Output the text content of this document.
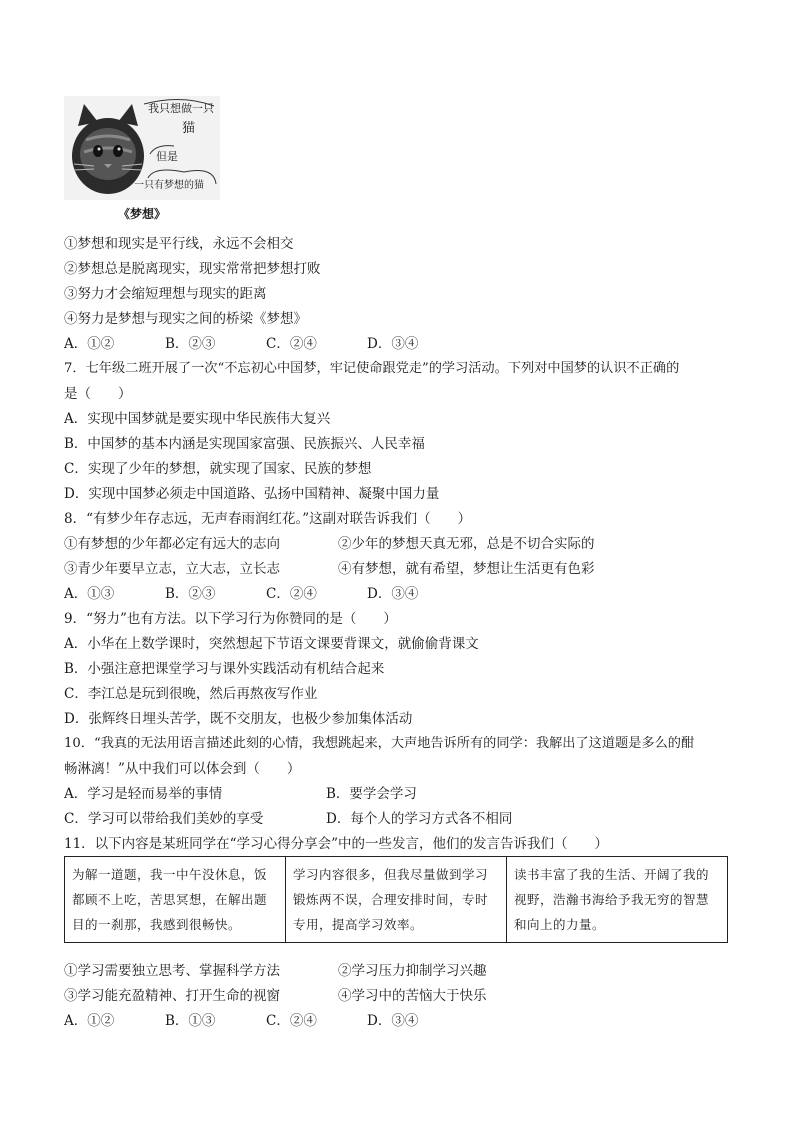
我只想做一只
猫
但是
一只有梦想的猫
《梦想》
①梦想和现实是平行线，永远不会相交
②梦想总是脱离现实，现实常常把梦想打败
③努力才会缩短理想与现实的距离
④努力是梦想与现实之间的桥梁《梦想》
A．①②	B．②③	C．②④	D．③④
7．七年级二班开展了一次“不忘初心中国梦，牢记使命跟党走”的学习活动。下列对中国梦的认识不正确的
是（　　）
A．实现中国梦就是要实现中华民族伟大复兴
B．中国梦的基本内涵是实现国家富强、民族振兴、人民幸福
C．实现了少年的梦想，就实现了国家、民族的梦想
D．实现中国梦必须走中国道路、弘扬中国精神、凝聚中国力量
8．“有梦少年存志远，无声春雨润红花。”这副对联告诉我们（　　）
①有梦想的少年都必定有远大的志向	②少年的梦想天真无邪，总是不切合实际的
③青少年要早立志，立大志，立长志	④有梦想，就有希望，梦想让生活更有色彩
A．①③	B．②③	C．②④	D．③④
9．“努力”也有方法。以下学习行为你赞同的是（　　）
A．小华在上数学课时，突然想起下节语文课要背课文，就偷偷背课文
B．小强注意把课堂学习与课外实践活动有机结合起来
C．李江总是玩到很晚，然后再熬夜写作业
D．张辉终日埋头苦学，既不交朋友，也极少参加集体活动
10．“我真的无法用语言描述此刻的心情，我想跳起来，大声地告诉所有的同学：我解出了这道题是多么的酣
畅淋漓！”从中我们可以体会到（　　）
A．学习是轻而易举的事情	B．要学会学习
C．学习可以带给我们美妙的享受	D．每个人的学习方式各不相同
11．以下内容是某班同学在“学习心得分享会”中的一些发言，他们的发言告诉我们（　　）
为解一道题，我一中午没休息，饭都顾不上吃，苦思冥想，在解出题目的一刹那，我感到很畅快。	学习内容很多，但我尽量做到学习锻炼两不误，合理安排时间，专时专用，提高学习效率。	读书丰富了我的生活、开阔了我的视野，浩瀚书海给予我无穷的智慧和向上的力量。
①学习需要独立思考、掌握科学方法	②学习压力抑制学习兴趣
③学习能充盈精神、打开生命的视窗	④学习中的苦恼大于快乐
A．①②	B．①③	C．②④	D．③④
